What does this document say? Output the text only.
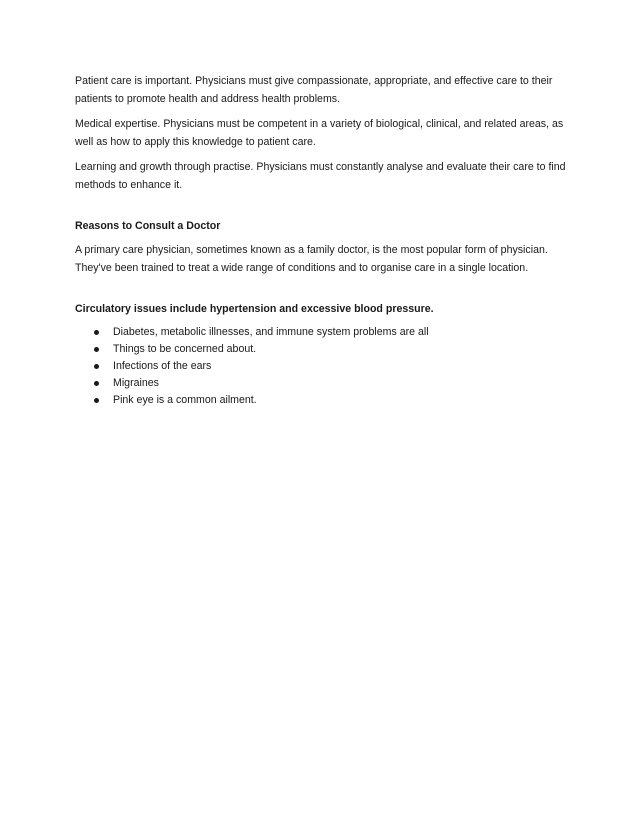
Patient care is important. Physicians must give compassionate, appropriate, and effective care to their patients to promote health and address health problems.

Medical expertise. Physicians must be competent in a variety of biological, clinical, and related areas, as well as how to apply this knowledge to patient care.

Learning and growth through practise. Physicians must constantly analyse and evaluate their care to find methods to enhance it.

Reasons to Consult a Doctor

A primary care physician, sometimes known as a family doctor, is the most popular form of physician. They've been trained to treat a wide range of conditions and to organise care in a single location.

Circulatory issues include hypertension and excessive blood pressure.

Diabetes, metabolic illnesses, and immune system problems are all
Things to be concerned about.
Infections of the ears
Migraines
Pink eye is a common ailment.
